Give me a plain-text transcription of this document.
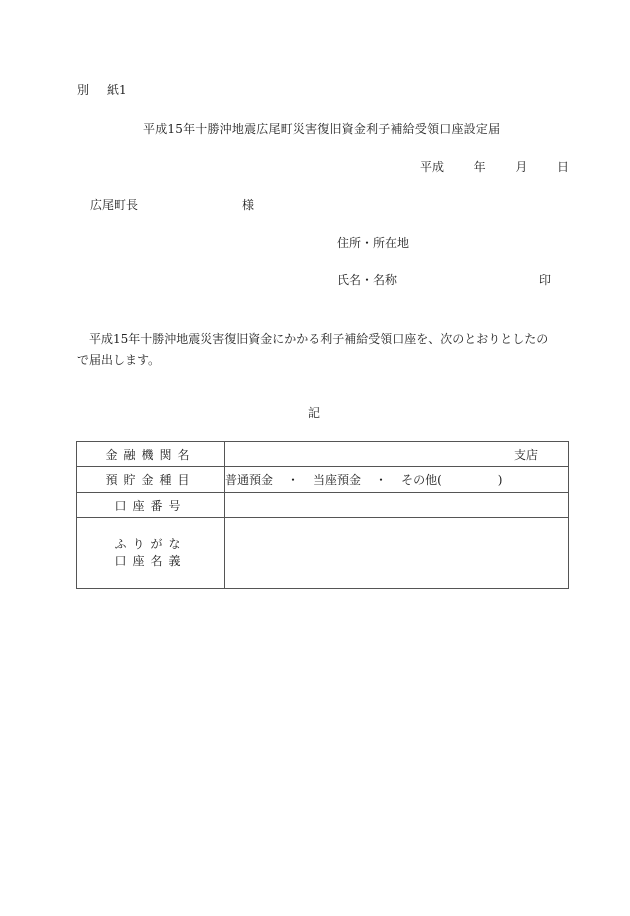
別 紙1
平成15年十勝沖地震広尾町災害復旧資金利子補給受領口座設定届
平成 年 月 日
広尾町長	様
住所・所在地
氏名・名称	印
平成15年十勝沖地震災害復旧資金にかかる利子補給受領口座を、次のとおりとしたので届出します。
記
金融機関名	支店

預貯金種目	普通預金 ・ 当座預金 ・ その他( )
口座番号	

ふりがな
口座名義	
